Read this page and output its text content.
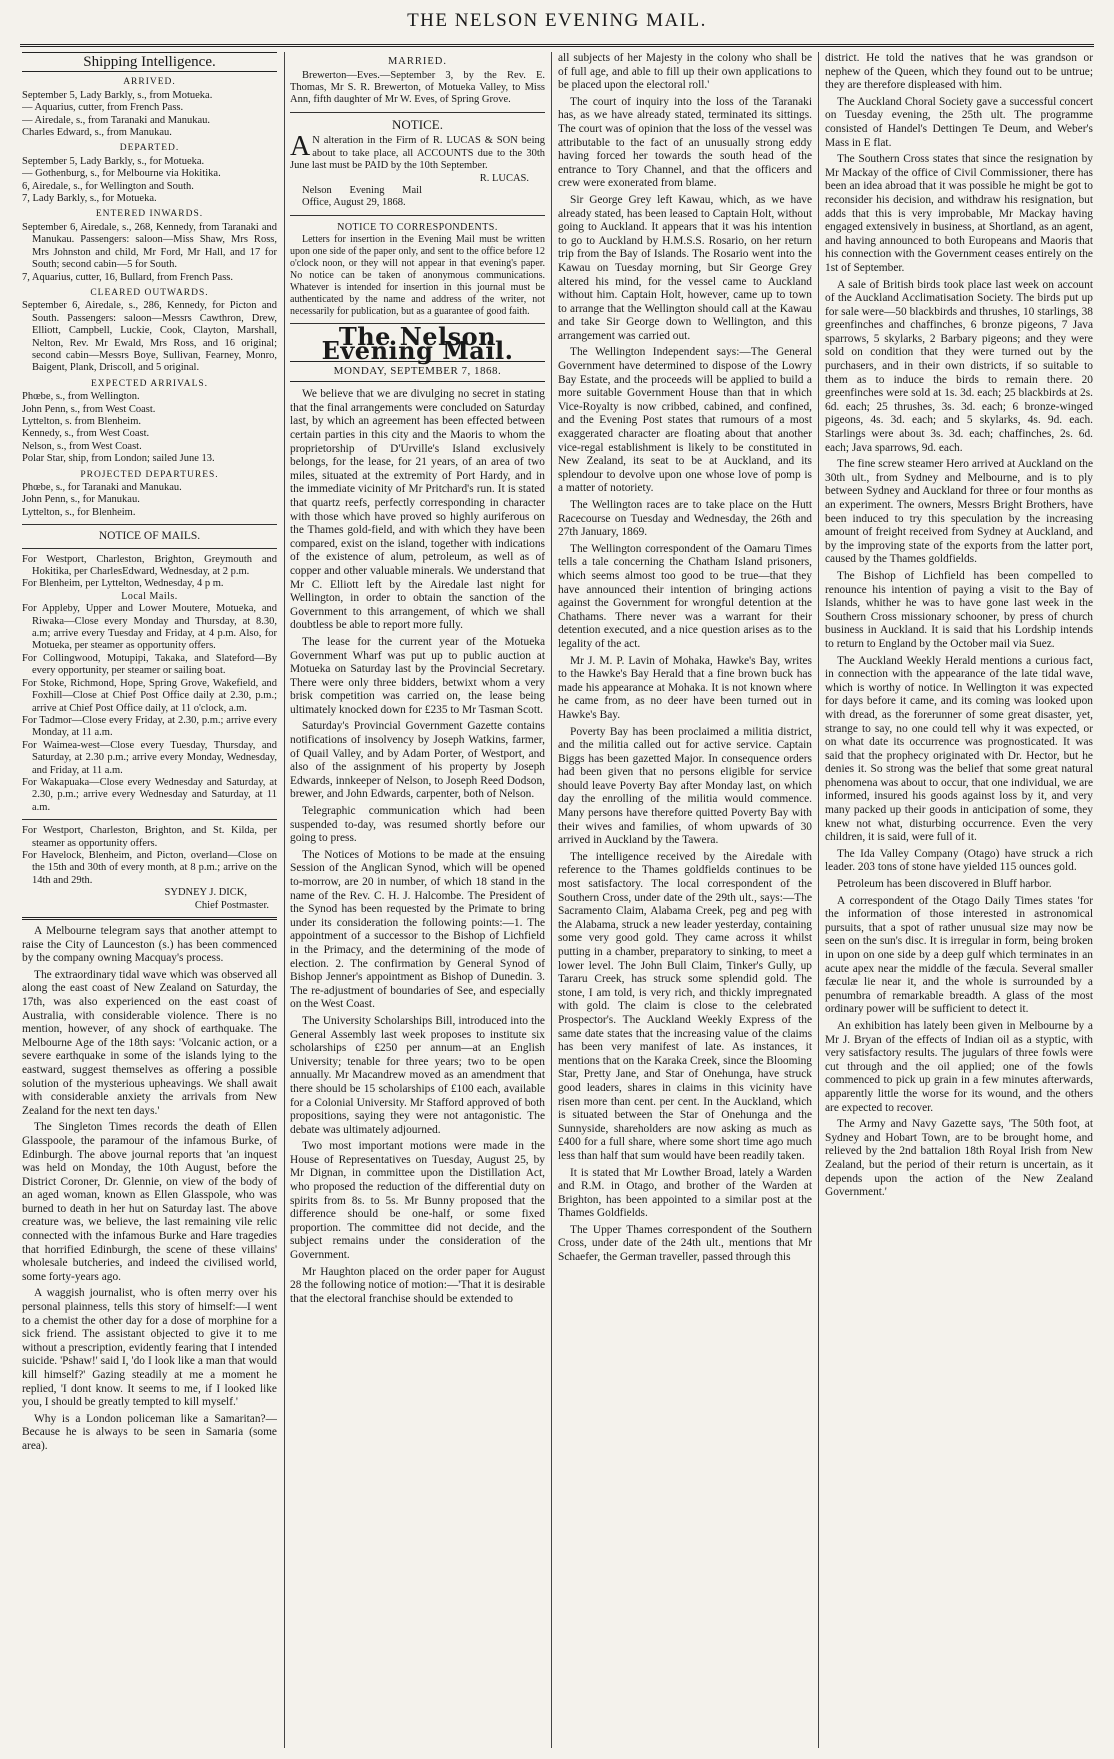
THE NELSON EVENING MAIL.
Shipping Intelligence.
ARRIVED.
September 5, Lady Barkly, s., from Motueka.
— Aquarius, cutter, from French Pass.
— Airedale, s., from Taranaki and Manukau.
Charles Edward, s., from Manukau.
DEPARTED.
September 5, Lady Barkly, s., for Motueka.
— Gothenburg, s., for Melbourne via Hokitika.
6, Airedale, s., for Wellington and South.
7, Lady Barkly, s., for Motueka.
ENTERED INWARDS.
September 6, Airedale, s., 268, Kennedy, from Taranaki and Manukau. Passengers: saloon—Miss Shaw, Mrs Ross, Mrs Johnston and child, Mr Ford, Mr Hall, and 17 for South; second cabin—5 for South.
7, Aquarius, cutter, 16, Bullard, from French Pass.
CLEARED OUTWARDS.
September 6, Airedale, s., 286, Kennedy, for Picton and South. Passengers: saloon—Messrs Cawthron, Drew, Elliott, Campbell, Luckie, Cook, Clayton, Marshall, Nelton, Rev. Mr Ewald, Mrs Ross, and 16 original; second cabin—Messrs Boye, Sullivan, Fearney, Monro, Baigent, Plank, Driscoll, and 5 original.
EXPECTED ARRIVALS.
Phœbe, s., from Wellington.
John Penn, s., from West Coast.
Lyttelton, s. from Blenheim.
Kennedy, s., from West Coast.
Nelson, s., from West Coast.
Polar Star, ship, from London; sailed June 13.
PROJECTED DEPARTURES.
Phœbe, s., for Taranaki and Manukau.
John Penn, s., for Manukau.
Lyttelton, s., for Blenheim.
NOTICE OF MAILS.
For Westport, Charleston, Brighton, Greymouth and Hokitika, per CharlesEdward, Wednesday, at 2 p.m.
For Blenheim, per Lyttelton, Wednesday, 4 p m.
Local Mails.
For Appleby, Upper and Lower Moutere, Motueka, and Riwaka—Close every Monday and Thursday, at 8.30, a.m; arrive every Tuesday and Friday, at 4 p.m. Also, for Motueka, per steamer as opportunity offers.
For Collingwood, Motupipi, Takaka, and Slateford—By every opportunity, per steamer or sailing boat.
For Stoke, Richmond, Hope, Spring Grove, Wakefield, and Foxhill—Close at Chief Post Office daily at 2.30, p.m.; arrive at Chief Post Office daily, at 11 o'clock, a.m.
For Tadmor—Close every Friday, at 2.30, p.m.; arrive every Monday, at 11 a.m.
For Waimea-west—Close every Tuesday, Thursday, and Saturday, at 2.30 p.m.; arrive every Monday, Wednesday, and Friday, at 11 a.m.
For Wakapuaka—Close every Wednesday and Saturday, at 2.30, p.m.; arrive every Wednesday and Saturday, at 11 a.m.
For Westport, Charleston, Brighton, and St. Kilda, per steamer as opportunity offers.
For Havelock, Blenheim, and Picton, overland—Close on the 15th and 30th of every month, at 8 p.m.; arrive on the 14th and 29th.
SYDNEY J. DICK,
Chief Postmaster.

A Melbourne telegram says that another attempt to raise the City of Launceston (s.) has been commenced by the company owning Macquay's process.

The extraordinary tidal wave which was observed all along the east coast of New Zealand on Saturday, the 17th, was also experienced on the east coast of Australia, with considerable violence. There is no mention, however, of any shock of earthquake. The Melbourne Age of the 18th says: 'Volcanic action, or a severe earthquake in some of the islands lying to the eastward, suggest themselves as offering a possible solution of the mysterious upheavings. We shall await with considerable anxiety the arrivals from New Zealand for the next ten days.'

The Singleton Times records the death of Ellen Glasspoole, the paramour of the infamous Burke, of Edinburgh. The above journal reports that 'an inquest was held on Monday, the 10th August, before the District Coroner, Dr. Glennie, on view of the body of an aged woman, known as Ellen Glasspole, who was burned to death in her hut on Saturday last. The above creature was, we believe, the last remaining vile relic connected with the infamous Burke and Hare tragedies that horrified Edinburgh, the scene of these villains' wholesale butcheries, and indeed the civilised world, some forty-years ago.

A waggish journalist, who is often merry over his personal plainness, tells this story of himself:—I went to a chemist the other day for a dose of morphine for a sick friend. The assistant objected to give it to me without a prescription, evidently fearing that I intended suicide. 'Pshaw!' said I, 'do I look like a man that would kill himself?' Gazing steadily at me a moment he replied, 'I dont know. It seems to me, if I looked like you, I should be greatly tempted to kill myself.'

Why is a London policeman like a Samaritan?—Because he is always to be seen in Samaria (some area).

MARRIED.

Brewerton—Eves.—September 3, by the Rev. E. Thomas, Mr S. R. Brewerton, of Motueka Valley, to Miss Ann, fifth daughter of Mr W. Eves, of Spring Grove.

NOTICE.
A N alteration in the Firm of R. LUCAS & SON being about to take place, all ACCOUNTS due to the 30th June last must be PAID by the 10th September.
R. LUCAS.
Nelson Evening Mail Office, August 29, 1868.
NOTICE TO CORRESPONDENTS.

Letters for insertion in the Evening Mail must be written upon one side of the paper only, and sent to the office before 12 o'clock noon, or they will not appear in that evening's paper. No notice can be taken of anonymous communications. Whatever is intended for insertion in this journal must be authenticated by the name and address of the writer, not necessarily for publication, but as a guarantee of good faith.

The Nelson Evening Mail.
MONDAY, SEPTEMBER 7, 1868.

We believe that we are divulging no secret in stating that the final arrangements were concluded on Saturday last, by which an agreement has been effected between certain parties in this city and the Maoris to whom the proprietorship of D'Urville's Island exclusively belongs, for the lease, for 21 years, of an area of two miles, situated at the extremity of Port Hardy, and in the immediate vicinity of Mr Pritchard's run. It is stated that quartz reefs, perfectly corresponding in character with those which have proved so highly auriferous on the Thames gold-field, and with which they have been compared, exist on the island, together with indications of the existence of alum, petroleum, as well as of copper and other valuable minerals. We understand that Mr C. Elliott left by the Airedale last night for Wellington, in order to obtain the sanction of the Government to this arrangement, of which we shall doubtless be able to report more fully.

The lease for the current year of the Motueka Government Wharf was put up to public auction at Motueka on Saturday last by the Provincial Secretary. There were only three bidders, betwixt whom a very brisk competition was carried on, the lease being ultimately knocked down for £235 to Mr Tasman Scott.

Saturday's Provincial Government Gazette contains notifications of insolvency by Joseph Watkins, farmer, of Quail Valley, and by Adam Porter, of Westport, and also of the assignment of his property by Joseph Edwards, innkeeper of Nelson, to Joseph Reed Dodson, brewer, and John Edwards, carpenter, both of Nelson.

Telegraphic communication which had been suspended to-day, was resumed shortly before our going to press.

The Notices of Motions to be made at the ensuing Session of the Anglican Synod, which will be opened to-morrow, are 20 in number, of which 18 stand in the name of the Rev. C. H. J. Halcombe. The President of the Synod has been requested by the Primate to bring under its consideration the following points:—1. The appointment of a successor to the Bishop of Lichfield in the Primacy, and the determining of the mode of election. 2. The confirmation by General Synod of Bishop Jenner's appointment as Bishop of Dunedin. 3. The re-adjustment of boundaries of See, and especially on the West Coast.

The University Scholarships Bill, introduced into the General Assembly last week proposes to institute six scholarships of £250 per annum—at an English University; tenable for three years; two to be open annually. Mr Macandrew moved as an amendment that there should be 15 scholarships of £100 each, available for a Colonial University. Mr Stafford approved of both propositions, saying they were not antagonistic. The debate was ultimately adjourned.

Two most important motions were made in the House of Representatives on Tuesday, August 25, by Mr Dignan, in committee upon the Distillation Act, who proposed the reduction of the differential duty on spirits from 8s. to 5s. Mr Bunny proposed that the difference should be one-half, or some fixed proportion. The committee did not decide, and the subject remains under the consideration of the Government.

Mr Haughton placed on the order paper for August 28 the following notice of motion:—'That it is desirable that the electoral franchise should be extended to

all subjects of her Majesty in the colony who shall be of full age, and able to fill up their own applications to be placed upon the electoral roll.'

The court of inquiry into the loss of the Taranaki has, as we have already stated, terminated its sittings. The court was of opinion that the loss of the vessel was attributable to the fact of an unusually strong eddy having forced her towards the south head of the entrance to Tory Channel, and that the officers and crew were exonerated from blame.

Sir George Grey left Kawau, which, as we have already stated, has been leased to Captain Holt, without going to Auckland. It appears that it was his intention to go to Auckland by H.M.S.S. Rosario, on her return trip from the Bay of Islands. The Rosario went into the Kawau on Tuesday morning, but Sir George Grey altered his mind, for the vessel came to Auckland without him. Captain Holt, however, came up to town to arrange that the Wellington should call at the Kawau and take Sir George down to Wellington, and this arrangement was carried out.

The Wellington Independent says:—The General Government have determined to dispose of the Lowry Bay Estate, and the proceeds will be applied to build a more suitable Government House than that in which Vice-Royalty is now cribbed, cabined, and confined, and the Evening Post states that rumours of a most exaggerated character are floating about that another vice-regal establishment is likely to be constituted in New Zealand, its seat to be at Auckland, and its splendour to devolve upon one whose love of pomp is a matter of notoriety.

The Wellington races are to take place on the Hutt Racecourse on Tuesday and Wednesday, the 26th and 27th January, 1869.

The Wellington correspondent of the Oamaru Times tells a tale concerning the Chatham Island prisoners, which seems almost too good to be true—that they have announced their intention of bringing actions against the Government for wrongful detention at the Chathams. There never was a warrant for their detention executed, and a nice question arises as to the legality of the act.

Mr J. M. P. Lavin of Mohaka, Hawke's Bay, writes to the Hawke's Bay Herald that a fine brown buck has made his appearance at Mohaka. It is not known where he came from, as no deer have been turned out in Hawke's Bay.

Poverty Bay has been proclaimed a militia district, and the militia called out for active service. Captain Biggs has been gazetted Major. In consequence orders had been given that no persons eligible for service should leave Poverty Bay after Monday last, on which day the enrolling of the militia would commence. Many persons have therefore quitted Poverty Bay with their wives and families, of whom upwards of 30 arrived in Auckland by the Tawera.

The intelligence received by the Airedale with reference to the Thames goldfields continues to be most satisfactory. The local correspondent of the Southern Cross, under date of the 29th ult., says:—The Sacramento Claim, Alabama Creek, peg and peg with the Alabama, struck a new leader yesterday, containing some very good gold. They came across it whilst putting in a chamber, preparatory to sinking, to meet a lower level. The John Bull Claim, Tinker's Gully, up Tararu Creek, has struck some splendid gold. The stone, I am told, is very rich, and thickly impregnated with gold. The claim is close to the celebrated Prospector's. The Auckland Weekly Express of the same date states that the increasing value of the claims has been very manifest of late. As instances, it mentions that on the Karaka Creek, since the Blooming Star, Pretty Jane, and Star of Onehunga, have struck good leaders, shares in claims in this vicinity have risen more than cent. per cent. In the Auckland, which is situated between the Star of Onehunga and the Sunnyside, shareholders are now asking as much as £400 for a full share, where some short time ago much less than half that sum would have been readily taken.

It is stated that Mr Lowther Broad, lately a Warden and R.M. in Otago, and brother of the Warden at Brighton, has been appointed to a similar post at the Thames Goldfields.

The Upper Thames correspondent of the Southern Cross, under date of the 24th ult., mentions that Mr Schaefer, the German traveller, passed through this

district. He told the natives that he was grandson or nephew of the Queen, which they found out to be untrue; they are therefore displeased with him.

The Auckland Choral Society gave a successful concert on Tuesday evening, the 25th ult. The programme consisted of Handel's Dettingen Te Deum, and Weber's Mass in E flat.

The Southern Cross states that since the resignation by Mr Mackay of the office of Civil Commissioner, there has been an idea abroad that it was possible he might be got to reconsider his decision, and withdraw his resignation, but adds that this is very improbable, Mr Mackay having engaged extensively in business, at Shortland, as an agent, and having announced to both Europeans and Maoris that his connection with the Government ceases entirely on the 1st of September.

A sale of British birds took place last week on account of the Auckland Acclimatisation Society. The birds put up for sale were—50 blackbirds and thrushes, 10 starlings, 38 greenfinches and chaffinches, 6 bronze pigeons, 7 Java sparrows, 5 skylarks, 2 Barbary pigeons; and they were sold on condition that they were turned out by the purchasers, and in their own districts, if so suitable to them as to induce the birds to remain there. 20 greenfinches were sold at 1s. 3d. each; 25 blackbirds at 2s. 6d. each; 25 thrushes, 3s. 3d. each; 6 bronze-winged pigeons, 4s. 3d. each; and 5 skylarks, 4s. 9d. each. Starlings were about 3s. 3d. each; chaffinches, 2s. 6d. each; Java sparrows, 9d. each.

The fine screw steamer Hero arrived at Auckland on the 30th ult., from Sydney and Melbourne, and is to ply between Sydney and Auckland for three or four months as an experiment. The owners, Messrs Bright Brothers, have been induced to try this speculation by the increasing amount of freight received from Sydney at Auckland, and by the improving state of the exports from the latter port, caused by the Thames goldfields.

The Bishop of Lichfield has been compelled to renounce his intention of paying a visit to the Bay of Islands, whither he was to have gone last week in the Southern Cross missionary schooner, by press of church business in Auckland. It is said that his Lordship intends to return to England by the October mail via Suez.

The Auckland Weekly Herald mentions a curious fact, in connection with the appearance of the late tidal wave, which is worthy of notice. In Wellington it was expected for days before it came, and its coming was looked upon with dread, as the forerunner of some great disaster, yet, strange to say, no one could tell why it was expected, or on what date its occurrence was prognosticated. It was said that the prophecy originated with Dr. Hector, but he denies it. So strong was the belief that some great natural phenomena was about to occur, that one individual, we are informed, insured his goods against loss by it, and very many packed up their goods in anticipation of some, they knew not what, disturbing occurrence. Even the very children, it is said, were full of it.

The Ida Valley Company (Otago) have struck a rich leader. 203 tons of stone have yielded 115 ounces gold.

Petroleum has been discovered in Bluff harbor.

A correspondent of the Otago Daily Times states 'for the information of those interested in astronomical pursuits, that a spot of rather unusual size may now be seen on the sun's disc. It is irregular in form, being broken in upon on one side by a deep gulf which terminates in an acute apex near the middle of the fæcula. Several smaller fæculæ lie near it, and the whole is surrounded by a penumbra of remarkable breadth. A glass of the most ordinary power will be sufficient to detect it.

An exhibition has lately been given in Melbourne by a Mr J. Bryan of the effects of Indian oil as a styptic, with very satisfactory results. The jugulars of three fowls were cut through and the oil applied; one of the fowls commenced to pick up grain in a few minutes afterwards, apparently little the worse for its wound, and the others are expected to recover.

The Army and Navy Gazette says, 'The 50th foot, at Sydney and Hobart Town, are to be brought home, and relieved by the 2nd battalion 18th Royal Irish from New Zealand, but the period of their return is uncertain, as it depends upon the action of the New Zealand Government.'
